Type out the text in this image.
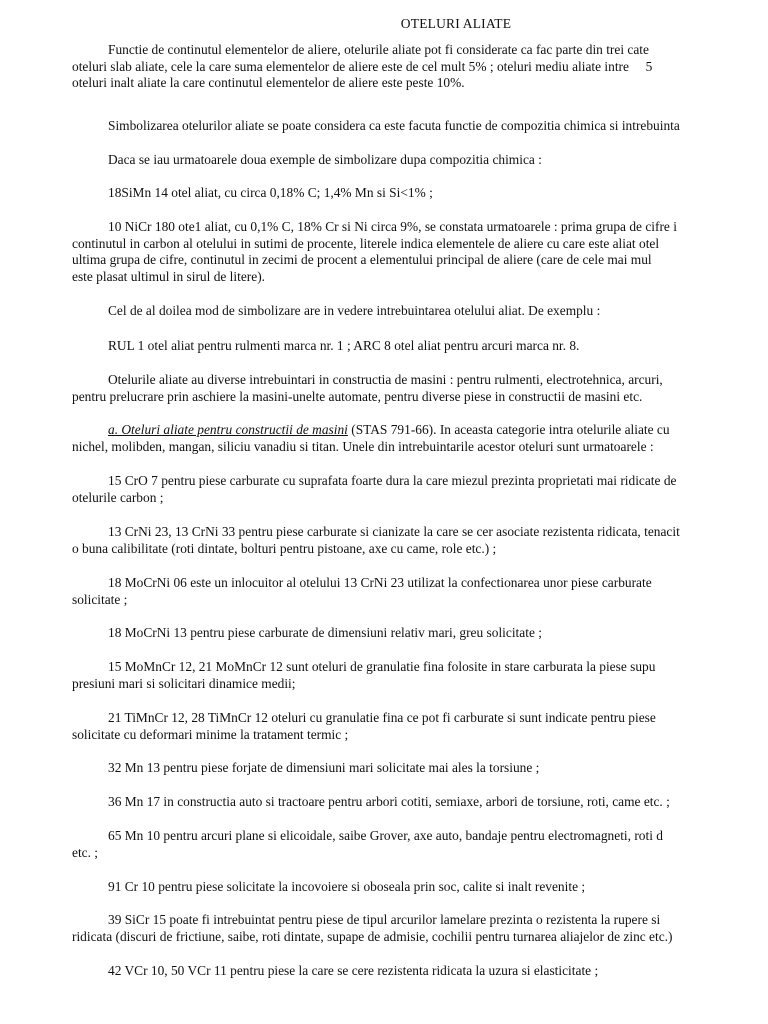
OTELURI ALIATE
Functie de continutul elementelor de aliere, otelurile aliate pot fi considerate ca fac parte din trei cate
oteluri slab aliate, cele la care suma elementelor de aliere este de cel mult 5% ; oteluri mediu aliate intre     5
oteluri inalt aliate la care continutul elementelor de aliere este peste 10%.
Simbolizarea otelurilor aliate se poate considera ca este facuta functie de compozitia chimica si intrebuinta
Daca se iau urmatoarele doua exemple de simbolizare dupa compozitia chimica :
18SiMn 14 otel aliat, cu circa 0,18% C; 1,4% Mn si Si<1% ;
10 NiCr 180 ote1 aliat, cu 0,1% C, 18% Cr si Ni circa 9%, se constata urmatoarele : prima grupa de cifre i
continutul in carbon al otelului in sutimi de procente, literele indica elementele de aliere cu care este aliat otel
ultima grupa de cifre, continutul in zecimi de procent a elementului principal de aliere (care de cele mai mul
este plasat ultimul in sirul de litere).
Cel de al doilea mod de simbolizare are in vedere intrebuintarea otelului aliat. De exemplu :
RUL 1 otel aliat pentru rulmenti marca nr. 1 ; ARC 8 otel aliat pentru arcuri marca nr. 8.
Otelurile aliate au diverse intrebuintari in constructia de masini : pentru rulmenti, electrotehnica, arcuri,
pentru prelucrare prin aschiere la masini-unelte automate, pentru diverse piese in constructii de masini etc.
a. Oteluri aliate pentru constructii de masini (STAS 791-66). In aceasta categorie intra otelurile aliate cu
nichel, molibden, mangan, siliciu vanadiu si titan. Unele din intrebuintarile acestor oteluri sunt urmatoarele :
15 CrO 7 pentru piese carburate cu suprafata foarte dura la care miezul prezinta proprietati mai ridicate de
otelurile carbon ;
13 CrNi 23, 13 CrNi 33 pentru piese carburate si cianizate la care se cer asociate rezistenta ridicata, tenacit
o buna calibilitate (roti dintate, bolturi pentru pistoane, axe cu came, role etc.) ;
18 MoCrNi 06 este un inlocuitor al otelului 13 CrNi 23 utilizat la confectionarea unor piese carburate
solicitate ;
18 MoCrNi 13 pentru piese carburate de dimensiuni relativ mari, greu solicitate ;
15 MoMnCr 12, 21 MoMnCr 12 sunt oteluri de granulatie fina folosite in stare carburata la piese supu
presiuni mari si solicitari dinamice medii;
21 TiMnCr 12, 28 TiMnCr 12 oteluri cu granulatie fina ce pot fi carburate si sunt indicate pentru piese
solicitate cu deformari minime la tratament termic ;
32 Mn 13 pentru piese forjate de dimensiuni mari solicitate mai ales la torsiune ;
36 Mn 17 in constructia auto si tractoare pentru arbori cotiti, semiaxe, arbori de torsiune, roti, came etc. ;
65 Mn 10 pentru arcuri plane si elicoidale, saibe Grover, axe auto, bandaje pentru electromagneti, roti d
etc. ;
91 Cr 10 pentru piese solicitate la incovoiere si oboseala prin soc, calite si inalt revenite ;
39 SiCr 15 poate fi intrebuintat pentru piese de tipul arcurilor lamelare prezinta o rezistenta la rupere si
ridicata (discuri de frictiune, saibe, roti dintate, supape de admisie, cochilii pentru turnarea aliajelor de zinc etc.)
42 VCr 10, 50 VCr 11 pentru piese la care se cere rezistenta ridicata la uzura si elasticitate ;
